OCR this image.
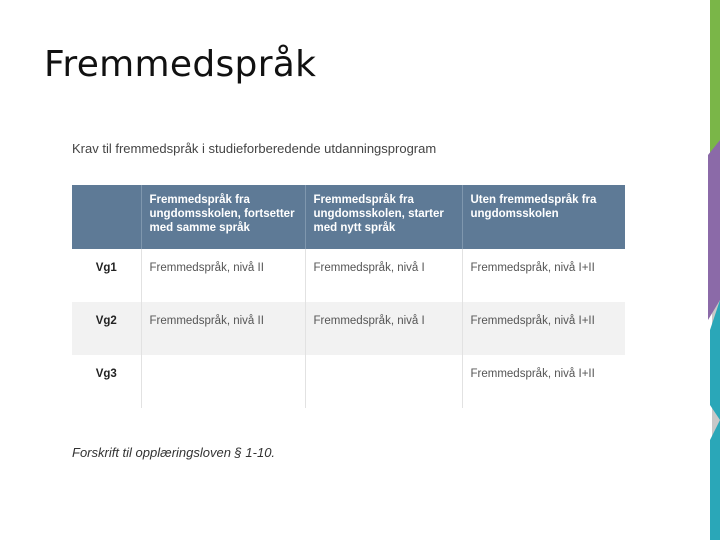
Fremmedspråk
Krav til fremmedspråk i studieforberedende utdanningsprogram
	Fremmedspråk fra ungdomsskolen, fortsetter med samme språk	Fremmedspråk fra ungdomsskolen, starter med nytt språk	Uten fremmedspråk fra ungdomsskolen
Vg1	Fremmedspråk, nivå II	Fremmedspråk, nivå I	Fremmedspråk, nivå I+II
Vg2	Fremmedspråk, nivå II	Fremmedspråk, nivå I	Fremmedspråk, nivå I+II
Vg3			Fremmedspråk, nivå I+II
Forskrift til opplæringsloven § 1-10.
